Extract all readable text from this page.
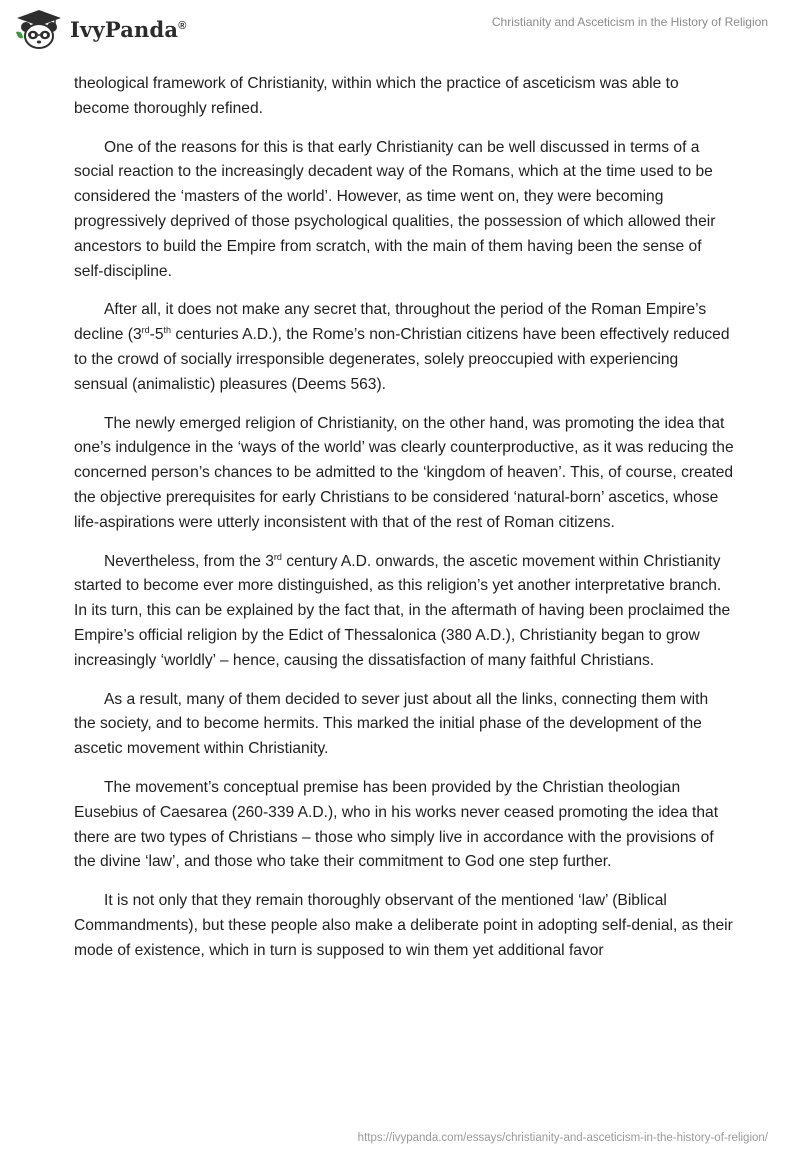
IvyPanda®	Christianity and Asceticism in the History of Religion

theological framework of Christianity, within which the practice of asceticism was able to become thoroughly refined.

One of the reasons for this is that early Christianity can be well discussed in terms of a social reaction to the increasingly decadent way of the Romans, which at the time used to be considered the ‘masters of the world’. However, as time went on, they were becoming progressively deprived of those psychological qualities, the possession of which allowed their ancestors to build the Empire from scratch, with the main of them having been the sense of self-discipline.

After all, it does not make any secret that, throughout the period of the Roman Empire’s decline (3rd-5th centuries A.D.), the Rome’s non-Christian citizens have been effectively reduced to the crowd of socially irresponsible degenerates, solely preoccupied with experiencing sensual (animalistic) pleasures (Deems 563).

The newly emerged religion of Christianity, on the other hand, was promoting the idea that one’s indulgence in the ‘ways of the world’ was clearly counterproductive, as it was reducing the concerned person’s chances to be admitted to the ‘kingdom of heaven’. This, of course, created the objective prerequisites for early Christians to be considered ‘natural-born’ ascetics, whose life-aspirations were utterly inconsistent with that of the rest of Roman citizens.

Nevertheless, from the 3rd century A.D. onwards, the ascetic movement within Christianity started to become ever more distinguished, as this religion’s yet another interpretative branch. In its turn, this can be explained by the fact that, in the aftermath of having been proclaimed the Empire’s official religion by the Edict of Thessalonica (380 A.D.), Christianity began to grow increasingly ‘worldly’ – hence, causing the dissatisfaction of many faithful Christians.

As a result, many of them decided to sever just about all the links, connecting them with the society, and to become hermits. This marked the initial phase of the development of the ascetic movement within Christianity.

The movement’s conceptual premise has been provided by the Christian theologian Eusebius of Caesarea (260-339 A.D.), who in his works never ceased promoting the idea that there are two types of Christians – those who simply live in accordance with the provisions of the divine ‘law’, and those who take their commitment to God one step further.

It is not only that they remain thoroughly observant of the mentioned ‘law’ (Biblical Commandments), but these people also make a deliberate point in adopting self-denial, as their mode of existence, which in turn is supposed to win them yet additional favor

https://ivypanda.com/essays/christianity-and-asceticism-in-the-history-of-religion/
